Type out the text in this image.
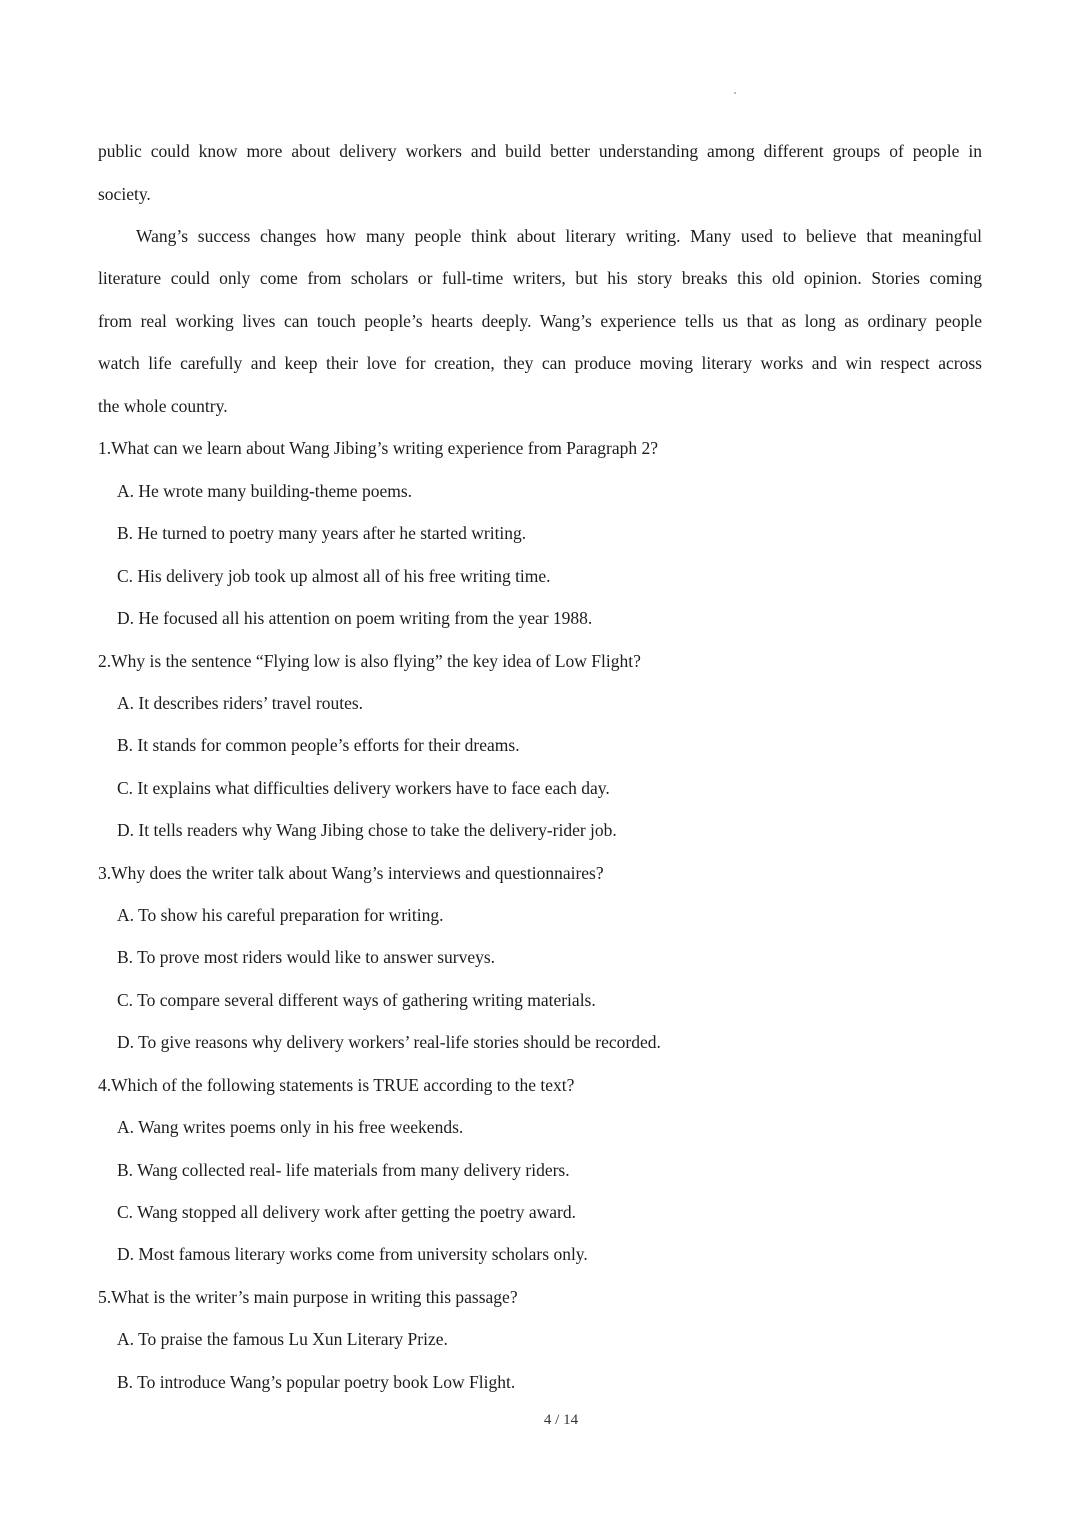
public could know more about delivery workers and build better understanding among different groups of people in
society.
Wang’s success changes how many people think about literary writing. Many used to believe that meaningful
literature could only come from scholars or full-time writers, but his story breaks this old opinion. Stories coming
from real working lives can touch people’s hearts deeply. Wang’s experience tells us that as long as ordinary people
watch life carefully and keep their love for creation, they can produce moving literary works and win respect across
the whole country.
1.What can we learn about Wang Jibing’s writing experience from Paragraph 2?
A. He wrote many building-theme poems.
B. He turned to poetry many years after he started writing.
C. His delivery job took up almost all of his free writing time.
D. He focused all his attention on poem writing from the year 1988.
2.Why is the sentence “Flying low is also flying” the key idea of Low Flight?
A. It describes riders’ travel routes.
B. It stands for common people’s efforts for their dreams.
C. It explains what difficulties delivery workers have to face each day.
D. It tells readers why Wang Jibing chose to take the delivery-rider job.
3.Why does the writer talk about Wang’s interviews and questionnaires?
A. To show his careful preparation for writing.
B. To prove most riders would like to answer surveys.
C. To compare several different ways of gathering writing materials.
D. To give reasons why delivery workers’ real-life stories should be recorded.
4.Which of the following statements is TRUE according to the text?
A. Wang writes poems only in his free weekends.
B. Wang collected real- life materials from many delivery riders.
C. Wang stopped all delivery work after getting the poetry award.
D. Most famous literary works come from university scholars only.
5.What is the writer’s main purpose in writing this passage?
A. To praise the famous Lu Xun Literary Prize.
B. To introduce Wang’s popular poetry book Low Flight.
4 / 14
